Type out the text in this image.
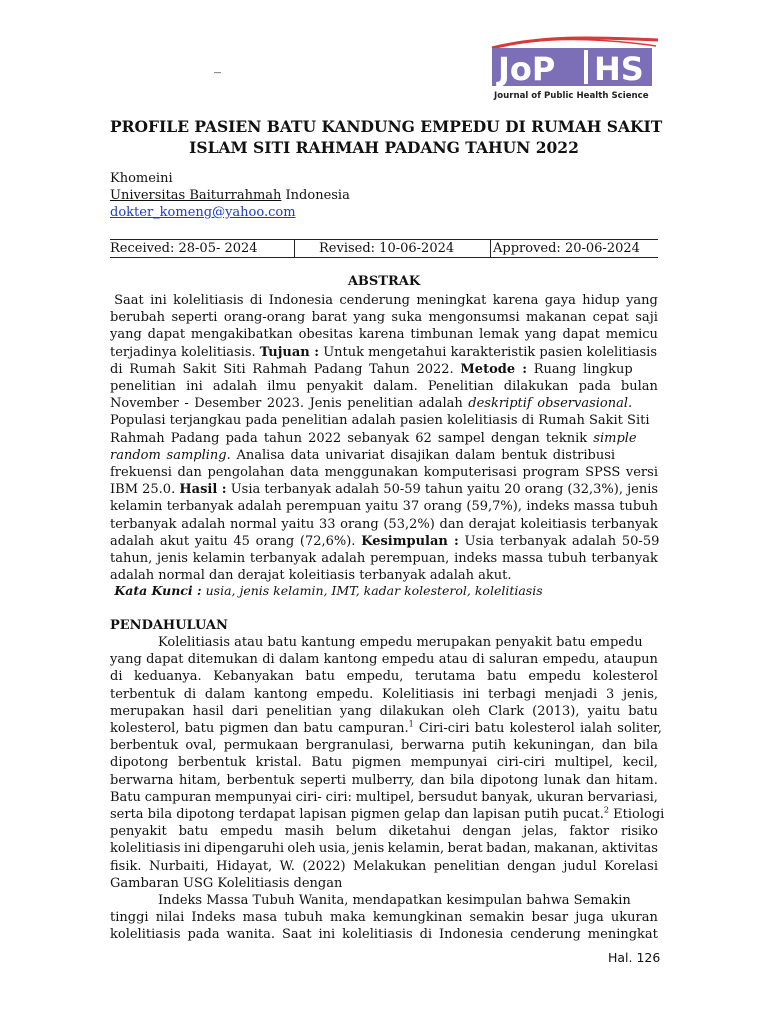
_	JoP HS
Journal of Public Health Science
PROFILE PASIEN BATU KANDUNG EMPEDU DI RUMAH SAKIT
ISLAM SITI RAHMAH PADANG TAHUN 2022
Khomeini
Universitas Baiturrahmah Indonesia
dokter_komeng@yahoo.com
Received: 28-05- 2024	Revised: 10-06-2024	Approved: 20-06-2024
ABSTRAK
Saat ini kolelitiasis di Indonesia cenderung meningkat karena gaya hidup yang
berubah seperti orang-orang barat yang suka mengonsumsi makanan cepat saji
yang dapat mengakibatkan obesitas karena timbunan lemak yang dapat memicu
terjadinya kolelitiasis. Tujuan : Untuk mengetahui karakteristik pasien kolelitiasis
di Rumah Sakit Siti Rahmah Padang Tahun 2022. Metode : Ruang lingkup
penelitian ini adalah ilmu penyakit dalam. Penelitian dilakukan pada bulan
November - Desember 2023. Jenis penelitian adalah deskriptif observasional.
Populasi terjangkau pada penelitian adalah pasien kolelitiasis di Rumah Sakit Siti
Rahmah Padang pada tahun 2022 sebanyak 62 sampel dengan teknik simple
random sampling. Analisa data univariat disajikan dalam bentuk distribusi
frekuensi dan pengolahan data menggunakan komputerisasi program SPSS versi
IBM 25.0. Hasil : Usia terbanyak adalah 50-59 tahun yaitu 20 orang (32,3%), jenis
kelamin terbanyak adalah perempuan yaitu 37 orang (59,7%), indeks massa tubuh
terbanyak adalah normal yaitu 33 orang (53,2%) dan derajat koleitiasis terbanyak
adalah akut yaitu 45 orang (72,6%). Kesimpulan : Usia terbanyak adalah 50-59
tahun, jenis kelamin terbanyak adalah perempuan, indeks massa tubuh terbanyak
adalah normal dan derajat koleitiasis terbanyak adalah akut.
Kata Kunci : usia, jenis kelamin, IMT, kadar kolesterol, kolelitiasis
PENDAHULUAN
Kolelitiasis atau batu kantung empedu merupakan penyakit batu empedu
yang dapat ditemukan di dalam kantong empedu atau di saluran empedu, ataupun
di keduanya. Kebanyakan batu empedu, terutama batu empedu kolesterol
terbentuk di dalam kantong empedu. Kolelitiasis ini terbagi menjadi 3 jenis,
merupakan hasil dari penelitian yang dilakukan oleh Clark (2013), yaitu batu
kolesterol, batu pigmen dan batu campuran.$^1$ Ciri-ciri batu kolesterol ialah soliter,
berbentuk oval, permukaan bergranulasi, berwarna putih kekuningan, dan bila
dipotong berbentuk kristal. Batu pigmen mempunyai ciri-ciri multipel, kecil,
berwarna hitam, berbentuk seperti mulberry, dan bila dipotong lunak dan hitam.
Batu campuran mempunyai ciri- ciri: multipel, bersudut banyak, ukuran bervariasi,
serta bila dipotong terdapat lapisan pigmen gelap dan lapisan putih pucat.$^2$ Etiologi
penyakit batu empedu masih belum diketahui dengan jelas, faktor risiko
kolelitiasis ini dipengaruhi oleh usia, jenis kelamin, berat badan, makanan, aktivitas
fisik. Nurbaiti, Hidayat, W. (2022) Melakukan penelitian dengan judul Korelasi
Gambaran USG Kolelitiasis dengan
Indeks Massa Tubuh Wanita, mendapatkan kesimpulan bahwa Semakin
tinggi nilai Indeks masa tubuh maka kemungkinan semakin besar juga ukuran
kolelitiasis pada wanita. Saat ini kolelitiasis di Indonesia cenderung meningkat
Hal. 126
